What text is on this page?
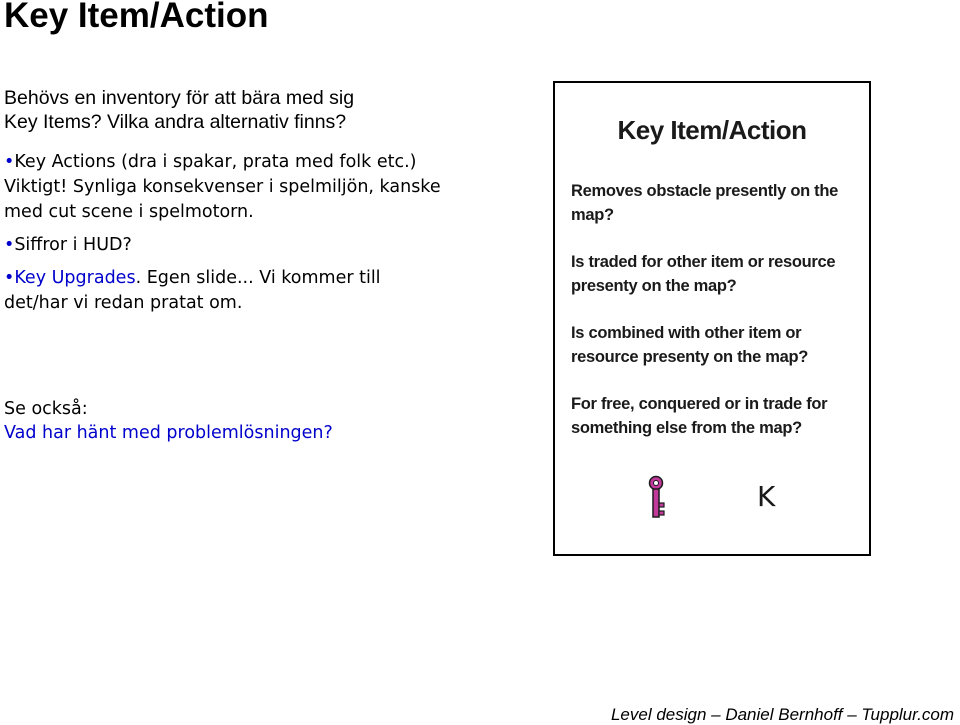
Key Item/Action
Behövs en inventory för att bära med sig
Key Items? Vilka andra alternativ finns?
•Key Actions (dra i spakar, prata med folk etc.) Viktigt! Synliga konsekvenser i spelmiljön, kanske med cut scene i spelmotorn.
•Siffror i HUD?
•Key Upgrades. Egen slide... Vi kommer till det/har vi redan pratat om.
Se också:
Vad har hänt med problemlösningen?
Key Item/Action
Removes obstacle presently on the map?
Is traded for other item or resource presenty on the map?
Is combined with other item or resource presenty on the map?
For free, conquered or in trade for something else from the map?
K
Level design – Daniel Bernhoff – Tupplur.com
